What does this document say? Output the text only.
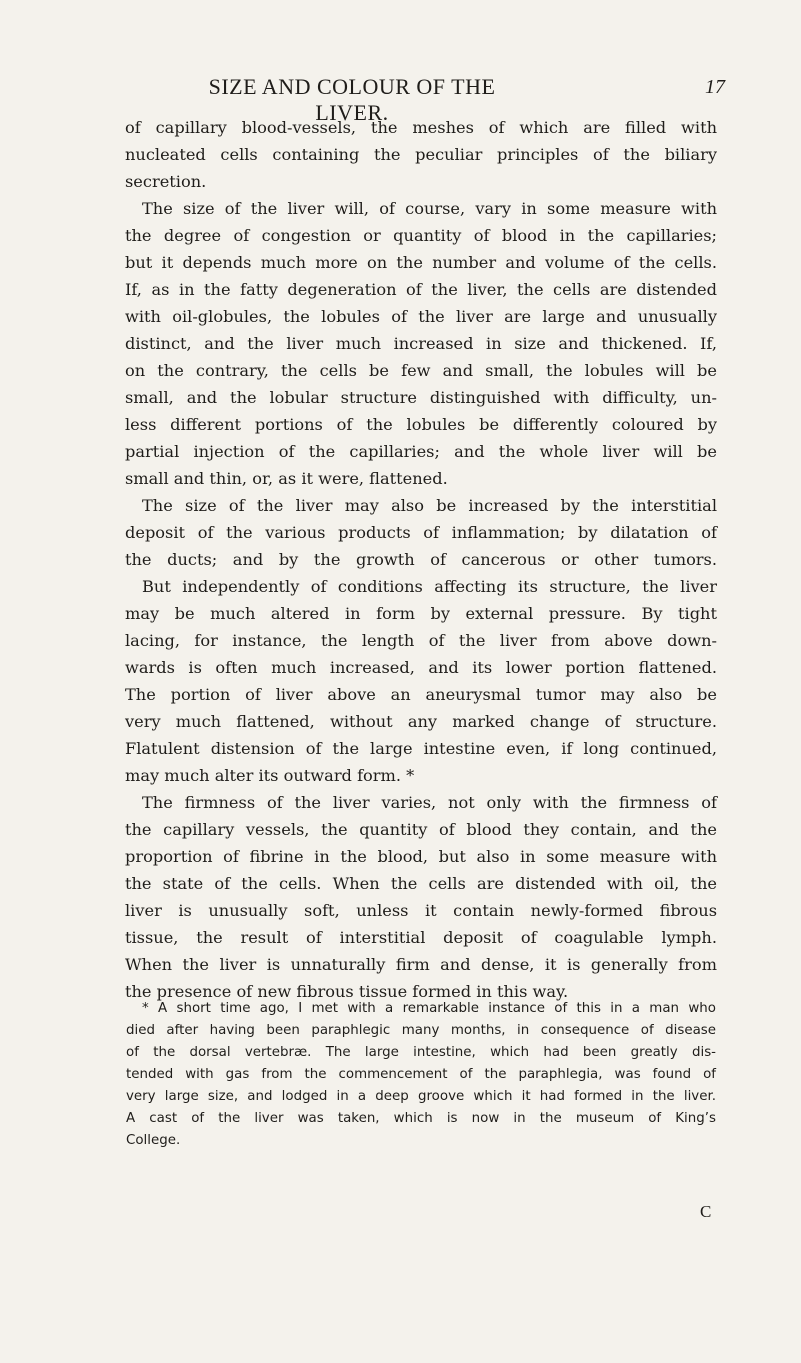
SIZE AND COLOUR OF THE LIVER.
17
of capillary blood-vessels, the meshes of which are filled with
nucleated cells containing the peculiar principles of the biliary
secretion.
The size of the liver will, of course, vary in some measure with
the degree of congestion or quantity of blood in the capillaries;
but it depends much more on the number and volume of the cells.
If, as in the fatty degeneration of the liver, the cells are distended
with oil-globules, the lobules of the liver are large and unusually
distinct, and the liver much increased in size and thickened. If,
on the contrary, the cells be few and small, the lobules will be
small, and the lobular structure distinguished with difficulty, un-
less different portions of the lobules be differently coloured by
partial injection of the capillaries; and the whole liver will be
small and thin, or, as it were, flattened.
The size of the liver may also be increased by the interstitial
deposit of the various products of inflammation; by dilatation of
the ducts; and by the growth of cancerous or other tumors.
But independently of conditions affecting its structure, the liver
may be much altered in form by external pressure. By tight
lacing, for instance, the length of the liver from above down-
wards is often much increased, and its lower portion flattened.
The portion of liver above an aneurysmal tumor may also be
very much flattened, without any marked change of structure.
Flatulent distension of the large intestine even, if long continued,
may much alter its outward form. *
The firmness of the liver varies, not only with the firmness of
the capillary vessels, the quantity of blood they contain, and the
proportion of fibrine in the blood, but also in some measure with
the state of the cells. When the cells are distended with oil, the
liver is unusually soft, unless it contain newly-formed fibrous
tissue, the result of interstitial deposit of coagulable lymph.
When the liver is unnaturally firm and dense, it is generally from
the presence of new fibrous tissue formed in this way.
* A short time ago, I met with a remarkable instance of this in a man who
died after having been paraphlegic many months, in consequence of disease
of the dorsal vertebræ. The large intestine, which had been greatly dis-
tended with gas from the commencement of the paraphlegia, was found of
very large size, and lodged in a deep groove which it had formed in the liver.
A cast of the liver was taken, which is now in the museum of King’s
College.
C
